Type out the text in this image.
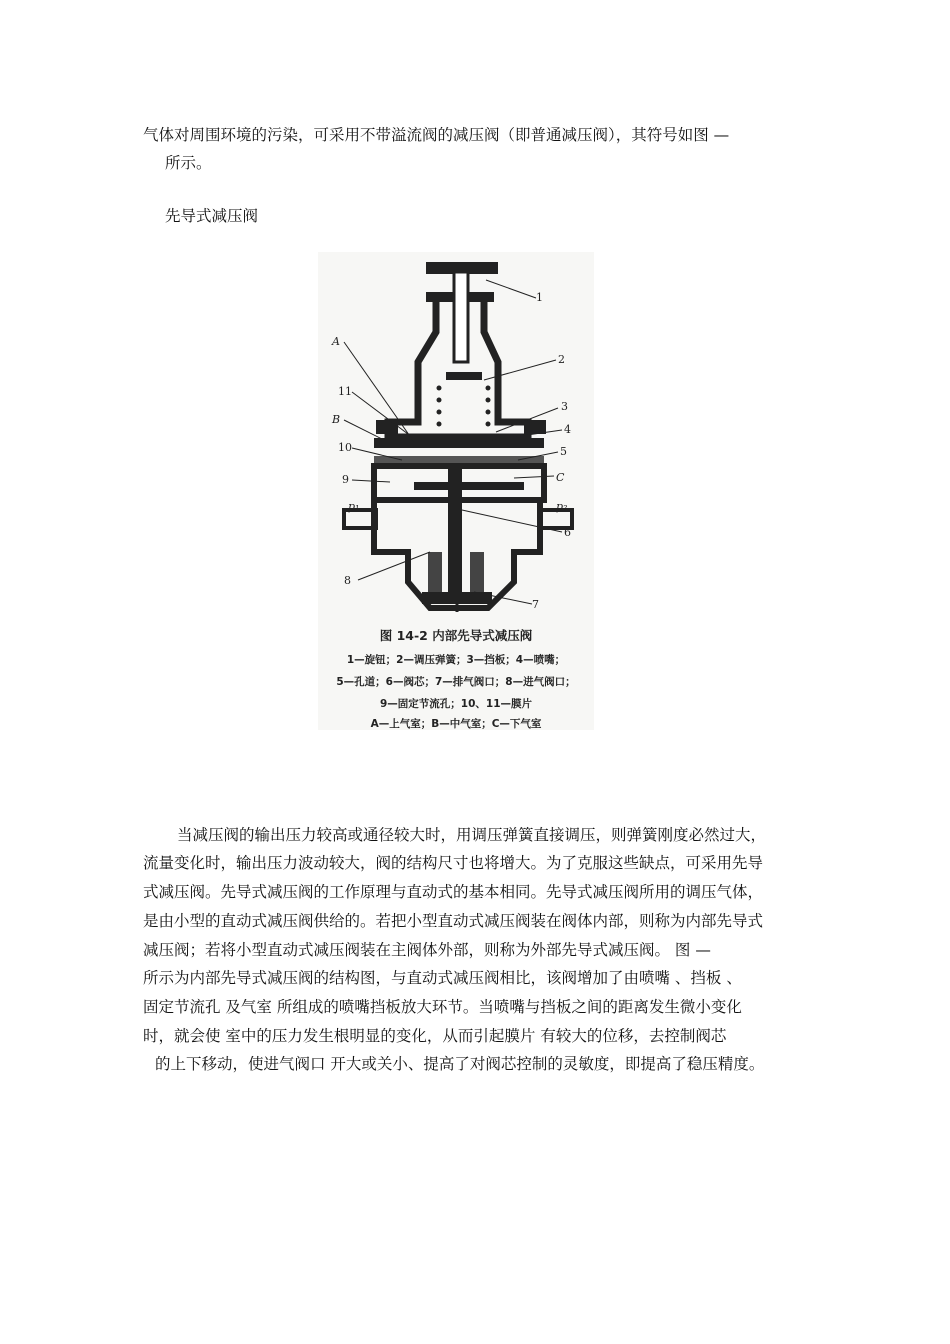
气体对周围环境的污染，可采用不带溢流阀的减压阀（即普通减压阀），其符号如图 —
所示。
先导式减压阀
1
2
3
4
5
6
7
8
9
10
11
A
B
C
p₁	p₂
图 14-2 内部先导式减压阀
1—旋钮；2—调压弹簧；3—挡板；4—喷嘴；
5—孔道；6—阀芯；7—排气阀口；8—进气阀口；
9—固定节流孔；10、11—膜片
A—上气室；B—中气室；C—下气室
当减压阀的输出压力较高或通径较大时，用调压弹簧直接调压，则弹簧刚度必然过大，
流量变化时，输出压力波动较大，阀的结构尺寸也将增大。为了克服这些缺点，可采用先导
式减压阀。先导式减压阀的工作原理与直动式的基本相同。先导式减压阀所用的调压气体，
是由小型的直动式减压阀供给的。若把小型直动式减压阀装在阀体内部，则称为内部先导式
减压阀；若将小型直动式减压阀装在主阀体外部，则称为外部先导式减压阀。 图 —
所示为内部先导式减压阀的结构图，与直动式减压阀相比，该阀增加了由喷嘴 、挡板 、
固定节流孔 及气室 所组成的喷嘴挡板放大环节。当喷嘴与挡板之间的距离发生微小变化
时，就会使 室中的压力发生根明显的变化，从而引起膜片 有较大的位移，去控制阀芯
的上下移动，使进气阀口 开大或关小、提高了对阀芯控制的灵敏度，即提高了稳压精度。
